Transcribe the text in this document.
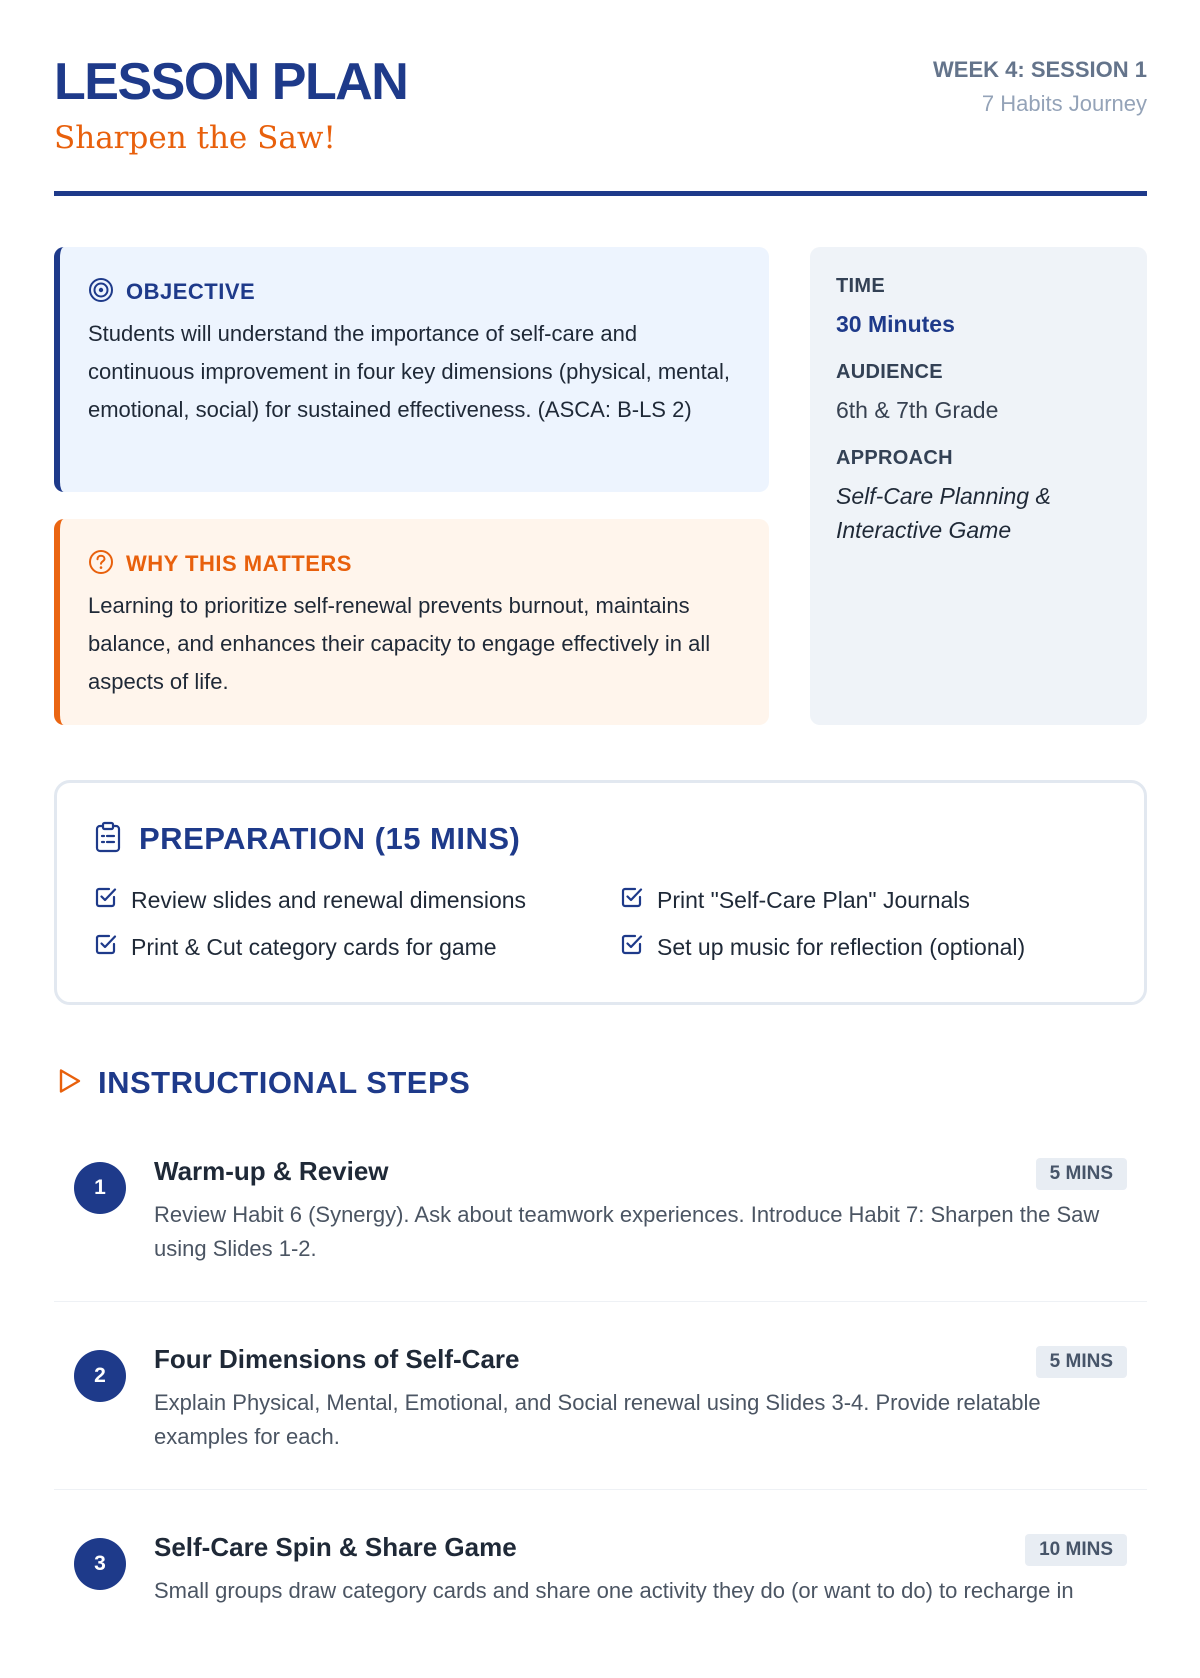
LESSON PLAN
Sharpen the Saw!
WEEK 4: SESSION 1
7 Habits Journey
OBJECTIVE
Students will understand the importance of self-care and continuous improvement in four key dimensions (physical, mental, emotional, social) for sustained effectiveness. (ASCA: B-LS 2)
WHY THIS MATTERS
Learning to prioritize self-renewal prevents burnout, maintains balance, and enhances their capacity to engage effectively in all aspects of life.
TIME
30 Minutes
AUDIENCE
6th & 7th Grade
APPROACH
Self-Care Planning & Interactive Game
PREPARATION (15 MINS)
Review slides and renewal dimensions	Print "Self-Care Plan" Journals
Print & Cut category cards for game	Set up music for reflection (optional)
INSTRUCTIONAL STEPS
1
Warm-up & Review	5 MINS
Review Habit 6 (Synergy). Ask about teamwork experiences. Introduce Habit 7: Sharpen the Saw using Slides 1-2.
2
Four Dimensions of Self-Care	5 MINS
Explain Physical, Mental, Emotional, and Social renewal using Slides 3-4. Provide relatable examples for each.
3
Self-Care Spin & Share Game	10 MINS
Small groups draw category cards and share one activity they do (or want to do) to recharge in
